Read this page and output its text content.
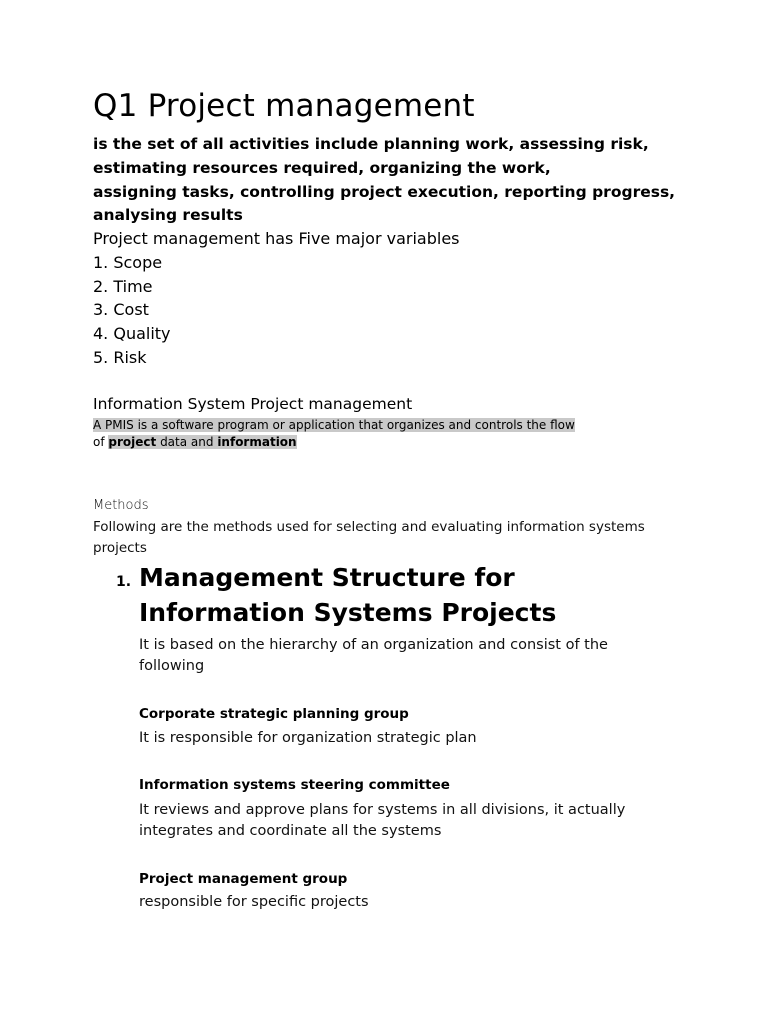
Q1 Project management

is the set of all activities include planning work, assessing risk,

estimating resources required, organizing the work,

assigning tasks, controlling project execution, reporting progress,

analysing results

Project management has Five major variables

1. Scope
2. Time
3. Cost
4. Quality
5. Risk

Information System Project management

A PMIS is a software program or application that organizes and controls the flow
of project data and information

Methods

Following are the methods used for selecting and evaluating information systems projects

1. Management Structure for Information Systems Projects

It is based on the hierarchy of an organization and consist of the following

Corporate strategic planning group

It is responsible for organization strategic plan

Information systems steering committee

It reviews and approve plans for systems in all divisions, it actually integrates and coordinate all the systems

Project management group

responsible for specific projects
